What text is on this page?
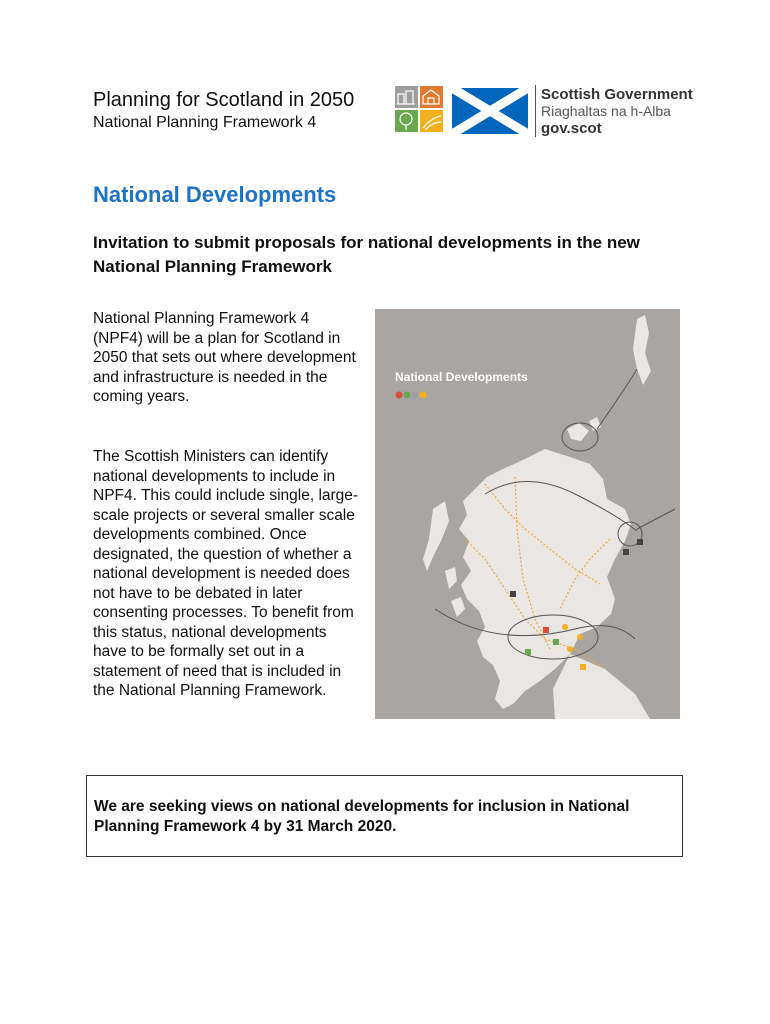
Planning for Scotland in 2050
National Planning Framework 4
Scottish Government
Riaghaltas na h-Alba
gov.scot
National Developments
Invitation to submit proposals for national developments in the new National Planning Framework

National Planning Framework 4 (NPF4) will be a plan for Scotland in 2050 that sets out where development and infrastructure is needed in the coming years.

The Scottish Ministers can identify national developments to include in NPF4. This could include single, large-scale projects or several smaller scale developments combined. Once designated, the question of whether a national development is needed does not have to be debated in later consenting processes. To benefit from this status, national developments have to be formally set out in a statement of need that is included in the National Planning Framework.

National Developments

We are seeking views on national developments for inclusion in National Planning Framework 4 by 31 March 2020.
